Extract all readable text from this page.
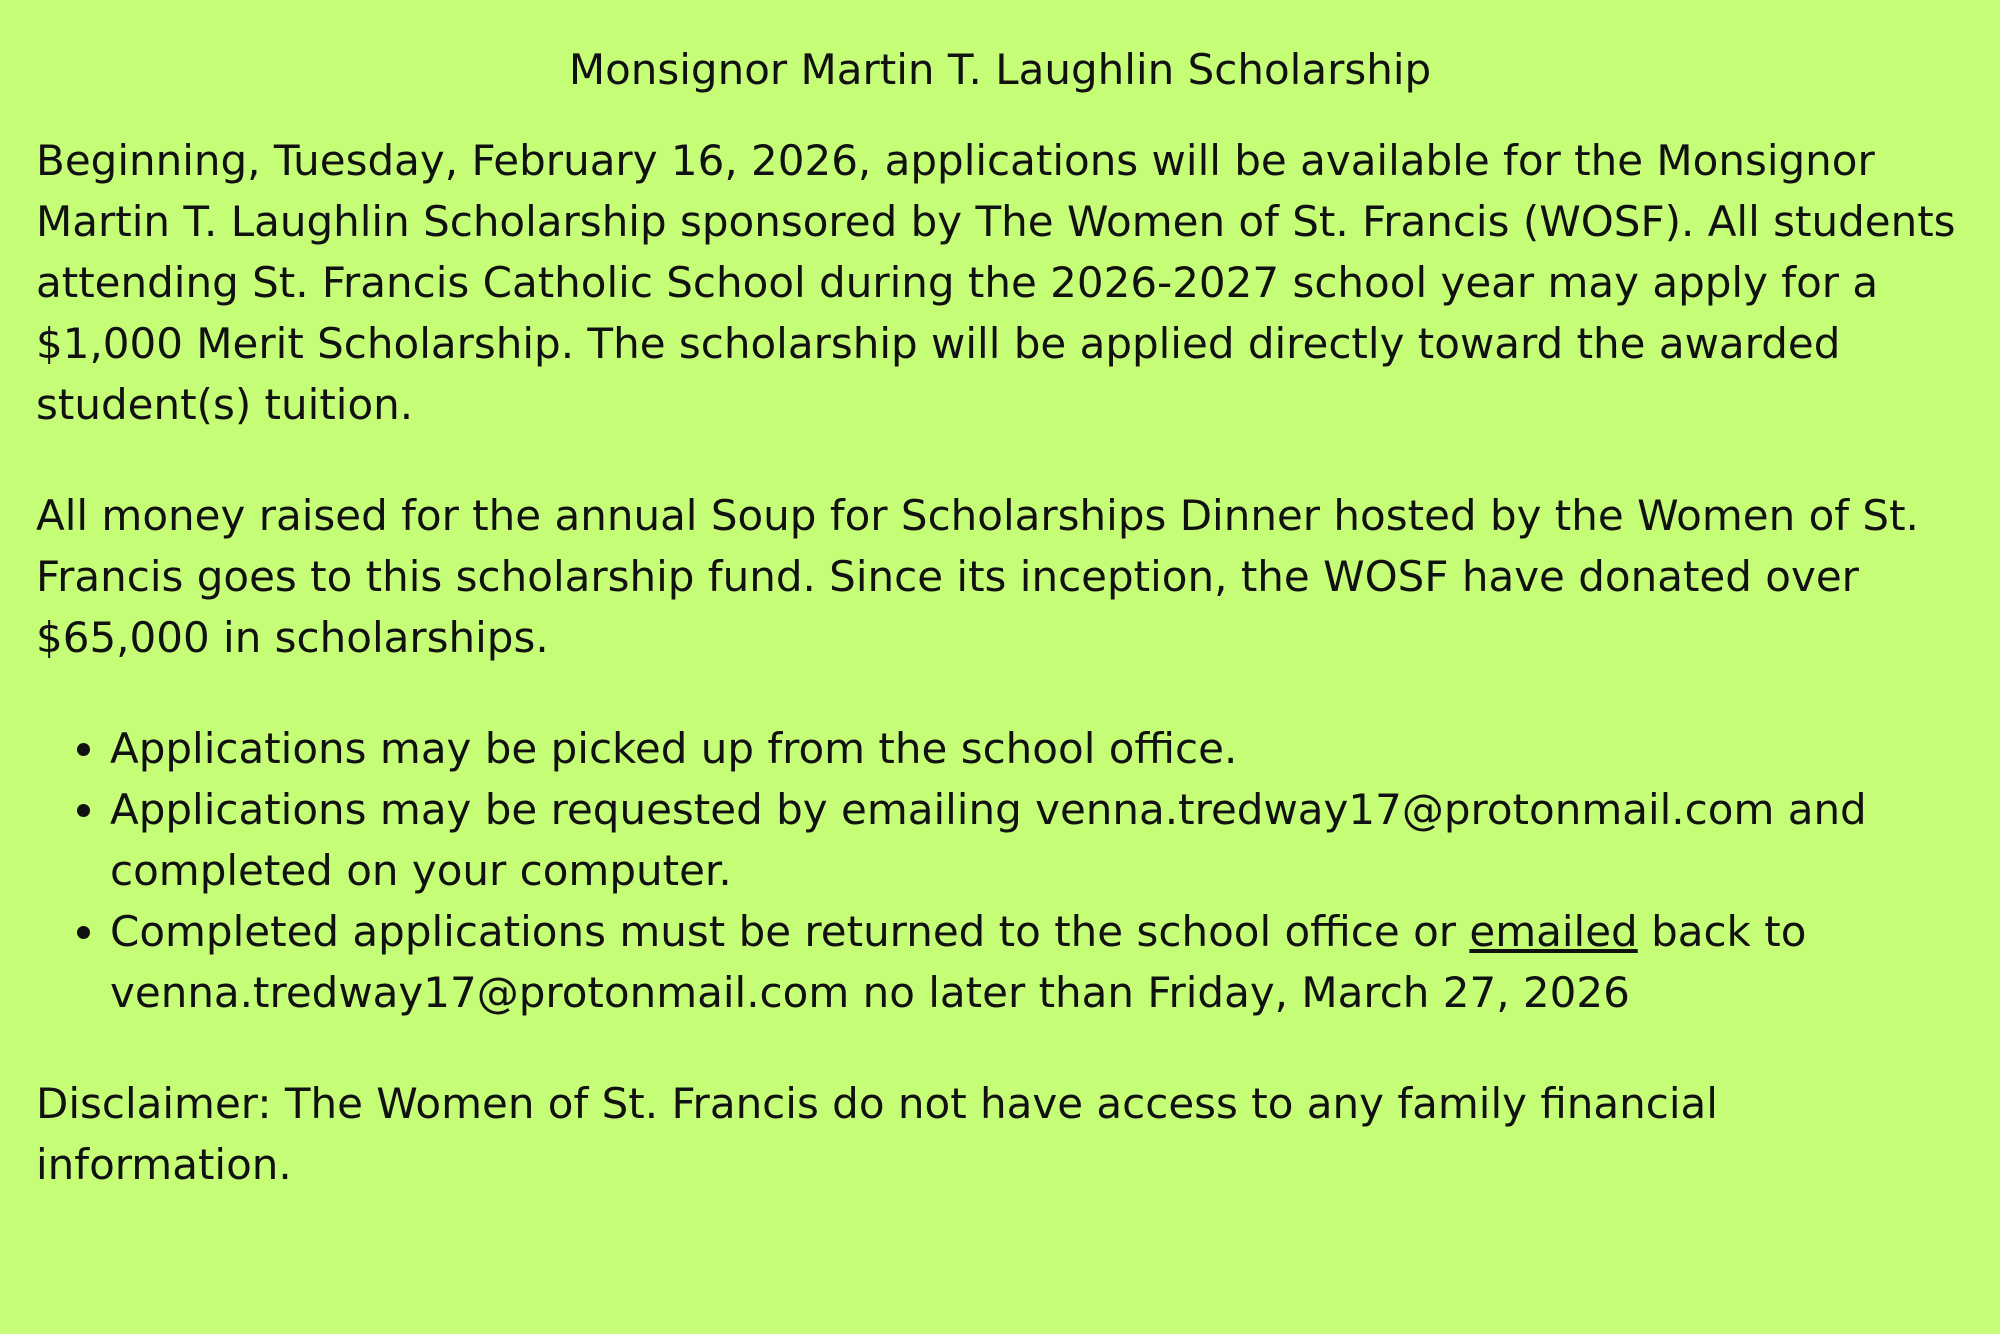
Monsignor Martin T. Laughlin Scholarship

Beginning, Tuesday, February 16, 2026, applications will be available for the Monsignor Martin T. Laughlin Scholarship sponsored by The Women of St. Francis (WOSF). All students attending St. Francis Catholic School during the 2026-2027 school year may apply for a $1,000 Merit Scholarship. The scholarship will be applied directly toward the awarded student(s) tuition.

All money raised for the annual Soup for Scholarships Dinner hosted by the Women of St. Francis goes to this scholarship fund. Since its inception, the WOSF have donated over $65,000 in scholarships.

• Applications may be picked up from the school office.
• Applications may be requested by emailing venna.tredway17@protonmail.com and completed on your computer.
• Completed applications must be returned to the school office or emailed back to venna.tredway17@protonmail.com no later than Friday, March 27, 2026

Disclaimer: The Women of St. Francis do not have access to any family financial information.
